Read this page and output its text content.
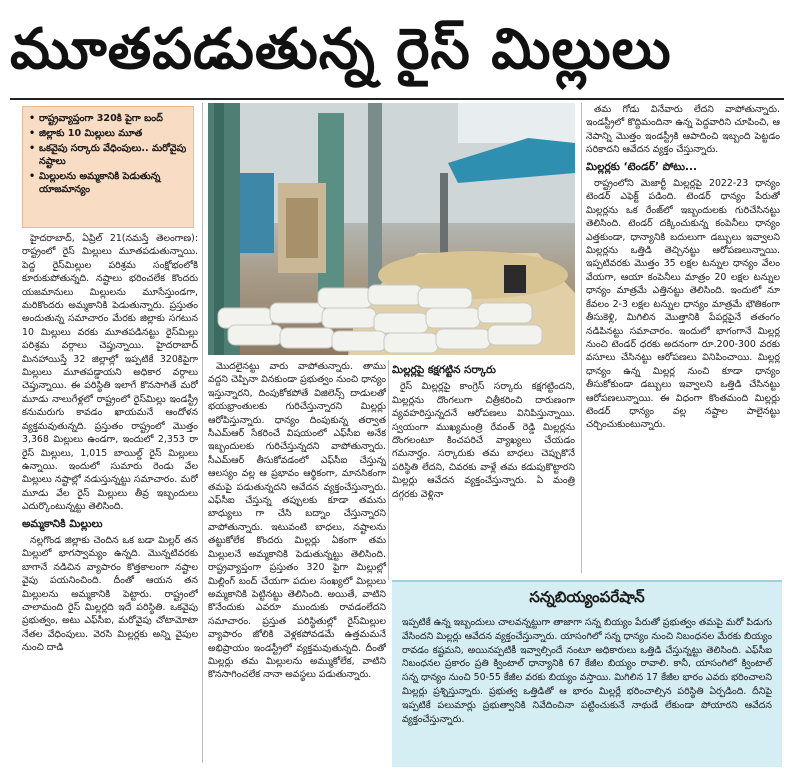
మూతపడుతున్న రైస్ మిల్లులు
• రాష్ట్రవ్యాప్తంగా 320కి పైగా బంద్
• జిల్లాకు 10 మిల్లులు మూత
• ఒకవైపు సర్కారు వేధింపులు.. మరోవైపు నష్టాలు
• మిల్లులను అమ్మకానికి పెడుతున్న యాజమాన్యం

హైదరాబాద్, ఏప్రిల్ 21(నమస్తే తెలంగాణ): రాష్ట్రంలో రైస్ మిల్లులు మూతపడుతున్నాయి. పెద్ద రైస్‌మిల్లుల పరిశ్రమ సంక్షోభంలోకి కూరుకుపోతున్నది. నష్టాలు భరించలేక కొందరు యజమానులు మిల్లులను మూసేస్తుండగా, మరికొందరు అమ్మకానికి పెడుతున్నారు. ప్రస్తుతం అందుతున్న సమాచారం మేరకు జిల్లాకు సగటున 10 మిల్లులు వరకు మూతపడినట్టు రైస్‌మిల్లు పరిశ్రమ వర్గాలు చెప్తున్నాయి. హైదరాబాద్ మినహాయిస్తే 32 జిల్లాల్లో ఇప్పటికే 320కిపైగా మిల్లులు మూతపడ్డాయని అధికార వర్గాలు చెప్తున్నాయి. ఈ పరిస్థితి ఇలాగే కొనసాగితే మరో మూడు నాలుగేళ్లలో రాష్ట్రంలో రైస్‌మిల్లు ఇండస్ట్రీ కనుమరుగు కావడం ఖాయమనే ఆందోళన వ్యక్తమవుతున్నది. ప్రస్తుతం రాష్ట్రంలో మొత్తం 3,368 మిల్లులు ఉండగా, ఇందులో 2,353 రా రైస్ మిల్లులు, 1,015 బాయిల్డ్ రైస్ మిల్లులు ఉన్నాయి. ఇందులో సుమారు రెండు వేల మిల్లులు నష్టాల్లో నడుస్తున్నట్టు సమాచారం. మరో మూడు వేల రైస్ మిల్లులు తీవ్ర ఇబ్బందులు ఎదుర్కొంటున్నట్టు తెలిసింది.

అమ్మకానికి మిల్లులు

నల్లగొండ జిల్లాకు చెందిన ఒక బడా మిల్లర్ తన మిల్లులో భాగస్వామ్యం ఉన్నది. మొన్నటివరకు బాగానే నడిచిన వ్యాపారం కొత్తకాలంగా నష్టాల వైపు పయనించింది. దీంతో ఆయన తన మిల్లులను అమ్మకానికి పెట్టారు. రాష్ట్రంలో చాలామంది రైస్ మిల్లర్లది ఇదే పరిస్థితి. ఒకవైపు ప్రభుత్వం, అటు ఎఫ్‌సీఐ, మరోవైపు చోటామోటా నేతల వేధింపులు. వెరసి మిల్లర్లకు అన్ని వైపుల నుంచి దాడి

మొదలైనట్టు వారు వాపోతున్నారు. తాము వద్దని చెప్పినా వినకుండా ప్రభుత్వం నుంచి ధాన్యం ఇస్తున్నారని, దింపుకోకపోతే విజిలెన్స్ దాడులతో భయభ్రాంతులకు గురిచేస్తున్నారని మిల్లర్లు ఆరోపిస్తున్నారు. ధాన్యం దింపుకున్న తర్వాత సీఎమ్ఆర్ సేకరించే విషయంలో ఎఫ్‌సీఐ అనేక ఇబ్బందులకు గురిచేస్తున్నదని వాపోతున్నారు. సీఎమ్ఆర్ తీసుకోవడంలో ఎఫ్‌సీఐ చేస్తున్న ఆలస్యం వల్ల ఆ ప్రభావం ఆర్థికంగా, మానసికంగా తమపై పడుతున్నదని ఆవేదన వ్యక్తంచేస్తున్నారు. ఎఫ్‌సీఐ చేస్తున్న తప్పులకు కూడా తమను బాధ్యులు గా చేసి బద్నాం చేస్తున్నారని వాపోతున్నారు. ఇటువంటి బాధలు, నష్టాలను తట్టుకోలేక కొందరు మిల్లర్లు ఏకంగా తమ మిల్లులనే అమ్మకానికి పెడుతున్నట్టు తెలిసింది. రాష్ట్రవ్యాప్తంగా ప్రస్తుతం 320 పైగా మిల్లుల్లో మిల్లింగ్ బంద్ చేయగా పదుల సంఖ్యలో మిల్లులు అమ్మకానికి పెట్టినట్టు తెలిసింది. అయితే, వాటిని కొనేందుకు ఎవరూ ముందుకు రావడంలేదని సమాచారం. ప్రస్తుత పరిస్థితుల్లో రైస్‌మిల్లుల వ్యాపారం జోలికి వెళ్లకపోవడమే ఉత్తమమనే అభిప్రాయం ఇండస్ట్రీలో వ్యక్తమవుతున్నది. దీంతో మిల్లర్లు తమ మిల్లులను అమ్ముకోలేక, వాటిని కొనసాగించలేక నానా అవస్థలు పడుతున్నారు.

మిల్లర్లపై కక్షగట్టిన సర్కారు

రైస్ మిల్లర్లపై కాంగ్రెస్ సర్కారు కక్షగట్టిందని, మిల్లర్లను దొంగలుగా చిత్రీకరించి దారుణంగా వ్యవహరిస్తున్నదనే ఆరోపణలు వినిపిస్తున్నాయి. స్వయంగా ముఖ్యమంత్రి రేవంత్ రెడ్డి మిల్లర్లను దొంగలంటూ కించపరిచే వ్యాఖ్యలు చేయడం గమనార్హం. సర్కారుకు తమ బాధలు చెప్పుకొనే పరిస్థితి లేదని, చివరకు వాళ్లే తమ కడుపుకొట్టారని మిల్లర్లు ఆవేదన వ్యక్తంచేస్తున్నారు. ఏ మంత్రి దగ్గరకు వెళ్లినా

తమ గోడు వినేవారు లేదని వాపోతున్నారు. ఇండస్ట్రీలో కొద్దిమందినా ఉన్న పెద్దవారిని చూపించి, ఆ నెపాన్ని మొత్తం ఇండస్ట్రీకి ఆపాదించి ఇబ్బంది పెట్టడం సరికాదని ఆవేదన వ్యక్తం చేస్తున్నారు.

మిల్లర్లకు ‘టెండర్’ పోటు...

రాష్ట్రంలోని మెజార్టీ మిల్లర్లపై 2022-23 ధాన్యం టెండర్ ఎఫెక్ట్ పడింది. టెండర్ ధాన్యం పేరుతో మిల్లర్లను ఒక రేంజ్‌లో ఇబ్బందులకు గురిచేసినట్టు తెలిసింది. టెండర్ దక్కించుకున్న కంపెనీలు ధాన్యం ఎత్తకుండా, ధాన్యానికి బదులుగా డబ్బులు ఇవ్వాలని మిల్లర్లను ఒత్తిడి తెచ్చినట్టు ఆరోపణలున్నాయి. ఇప్పటివరకు మొత్తం 35 లక్షల టన్నుల ధాన్యం వేలం వేయగా, ఆయా కంపెనీలు మాత్రం 20 లక్షల టన్నుల ధాన్యం మాత్రమే ఎత్తినట్టు తెలిసింది. ఇందులో నూ కేవలం 2-3 లక్షల టన్నుల ధాన్యం మాత్రమే భౌతికంగా తీసుకెళ్లి, మిగిలిన మొత్తానికి పేపర్లపైనే తతంగం నడిపినట్టు సమాచారం. ఇందులో భాగంగానే మిల్లర్ల నుంచి టెండర్ ధరకు అదనంగా రూ.200-300 వరకు వసూలు చేసినట్టు ఆరోపణలు వినిపించాయి. మిల్లర్ల ధాన్యం ఉన్న మిల్లర్ల నుంచి కూడా ధాన్యం తీసుకోకుండా డబ్బులు ఇవ్వాలని ఒత్తిడి చేసినట్టు ఆరోపణలున్నాయి. ఈ విధంగా కొంతమంది మిల్లర్లు టెండర్ ధాన్యం వల్ల నష్టాల పాలైనట్టు చర్చించుకుంటున్నారు.

సన్నబియ్యంపరేషాన్

ఇప్పటికే ఉన్న ఇబ్బందులు చాలవన్నట్టుగా తాజాగా సన్న బియ్యం పేరుతో ప్రభుత్వం తమపై మరో పిడుగు వేసిందని మిల్లర్లు ఆవేదన వ్యక్తంచేస్తున్నారు. యాసంగిలో సన్న ధాన్యం నుంచి నిబంధనల మేరకు బియ్యం రావడం కష్టమని, అయినప్పటికీ ఇవ్వాల్సిందే నంటూ అధికారులు ఒత్తిడి చేస్తున్నట్టు తెలిసింది. ఎఫ్‌సీఐ నిబంధనల ప్రకారం ప్రతి క్వింటాల్ ధాన్యానికి 67 కేజీల బియ్యం రావాలి. కానీ, యాసంగిలో క్వింటాల్ సన్న ధాన్యం నుంచి 50-55 కేజీల వరకు బియ్యం వస్తాయి. మిగిలిన 17 కేజీల భారం ఎవరు భరించాలని మిల్లర్లు ప్రశ్నిస్తున్నారు. ప్రభుత్వ ఒత్తిడితో ఆ భారం మిల్లర్లే భరించాల్సిన పరిస్థితి ఏర్పడింది. దీనిపై ఇప్పటికే పలుమార్లు ప్రభుత్వానికి నివేదించినా పట్టించుకునే నాథుడే లేకుండా పోయారని ఆవేదన వ్యక్తంచేస్తున్నారు.
